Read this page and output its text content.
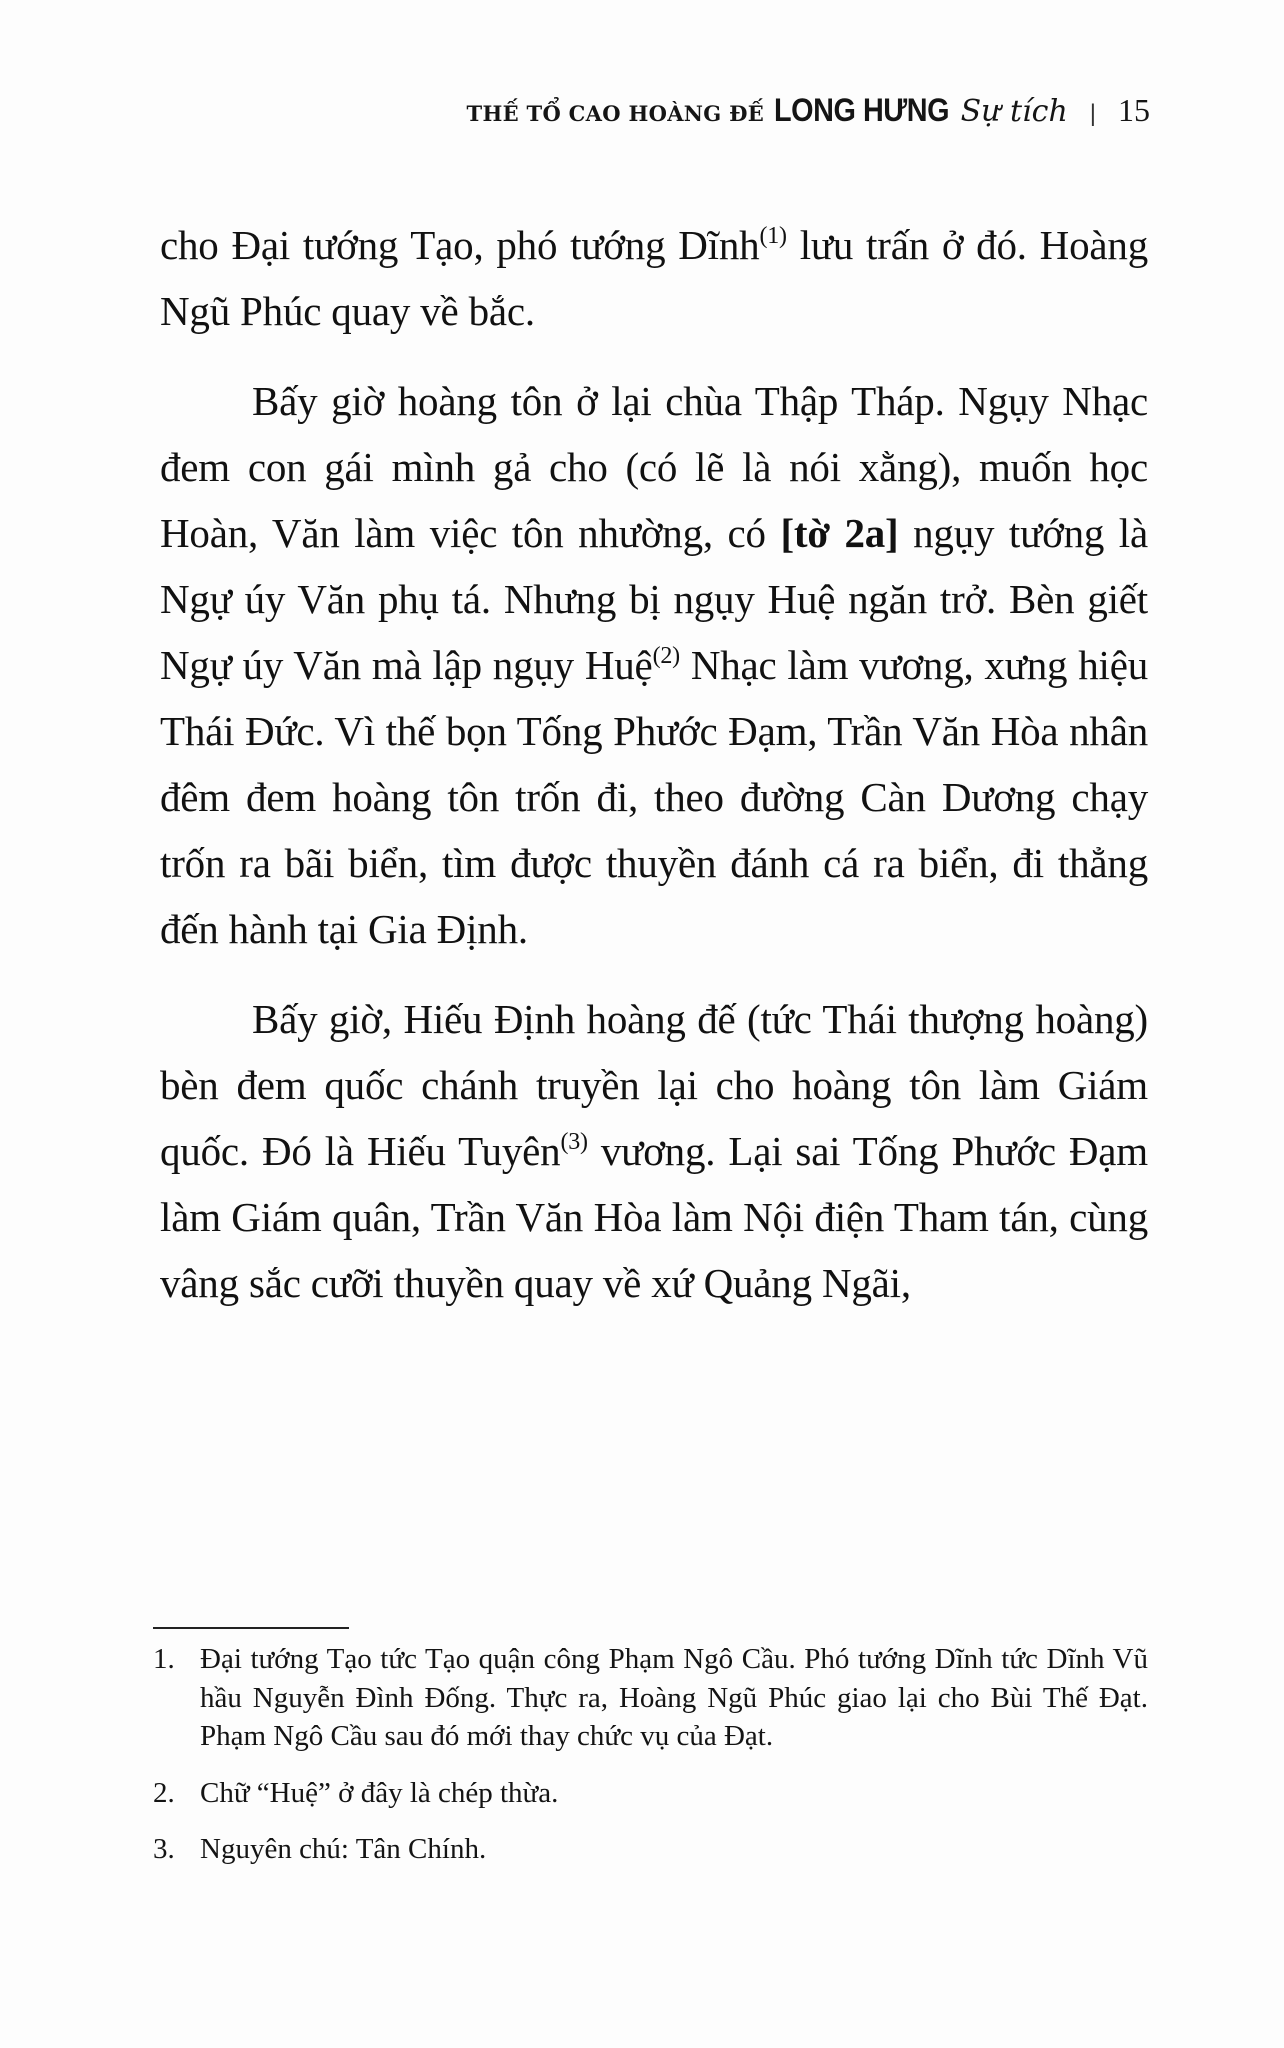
THẾ TỔ CAO HOÀNG ĐẾ LONG HƯNG Sự tích | 15

cho Đại tướng Tạo, phó tướng Dĩnh$^{(1)}$ lưu trấn ở đó. Hoàng Ngũ Phúc quay về bắc.

Bấy giờ hoàng tôn ở lại chùa Thập Tháp. Ngụy Nhạc đem con gái mình gả cho (có lẽ là nói xằng), muốn học Hoàn, Văn làm việc tôn nhường, có [tờ 2a] ngụy tướng là Ngự úy Văn phụ tá. Nhưng bị ngụy Huệ ngăn trở. Bèn giết Ngự úy Văn mà lập ngụy Huệ$^{(2)}$ Nhạc làm vương, xưng hiệu Thái Đức. Vì thế bọn Tống Phước Đạm, Trần Văn Hòa nhân đêm đem hoàng tôn trốn đi, theo đường Càn Dương chạy trốn ra bãi biển, tìm được thuyền đánh cá ra biển, đi thẳng đến hành tại Gia Định.

Bấy giờ, Hiếu Định hoàng đế (tức Thái thượng hoàng) bèn đem quốc chánh truyền lại cho hoàng tôn làm Giám quốc. Đó là Hiếu Tuyên$^{(3)}$ vương. Lại sai Tống Phước Đạm làm Giám quân, Trần Văn Hòa làm Nội điện Tham tán, cùng vâng sắc cưỡi thuyền quay về xứ Quảng Ngãi,

1. Đại tướng Tạo tức Tạo quận công Phạm Ngô Cầu. Phó tướng Dĩnh tức Dĩnh Vũ hầu Nguyễn Đình Đống. Thực ra, Hoàng Ngũ Phúc giao lại cho Bùi Thế Đạt. Phạm Ngô Cầu sau đó mới thay chức vụ của Đạt.
2. Chữ “Huệ” ở đây là chép thừa.
3. Nguyên chú: Tân Chính.
